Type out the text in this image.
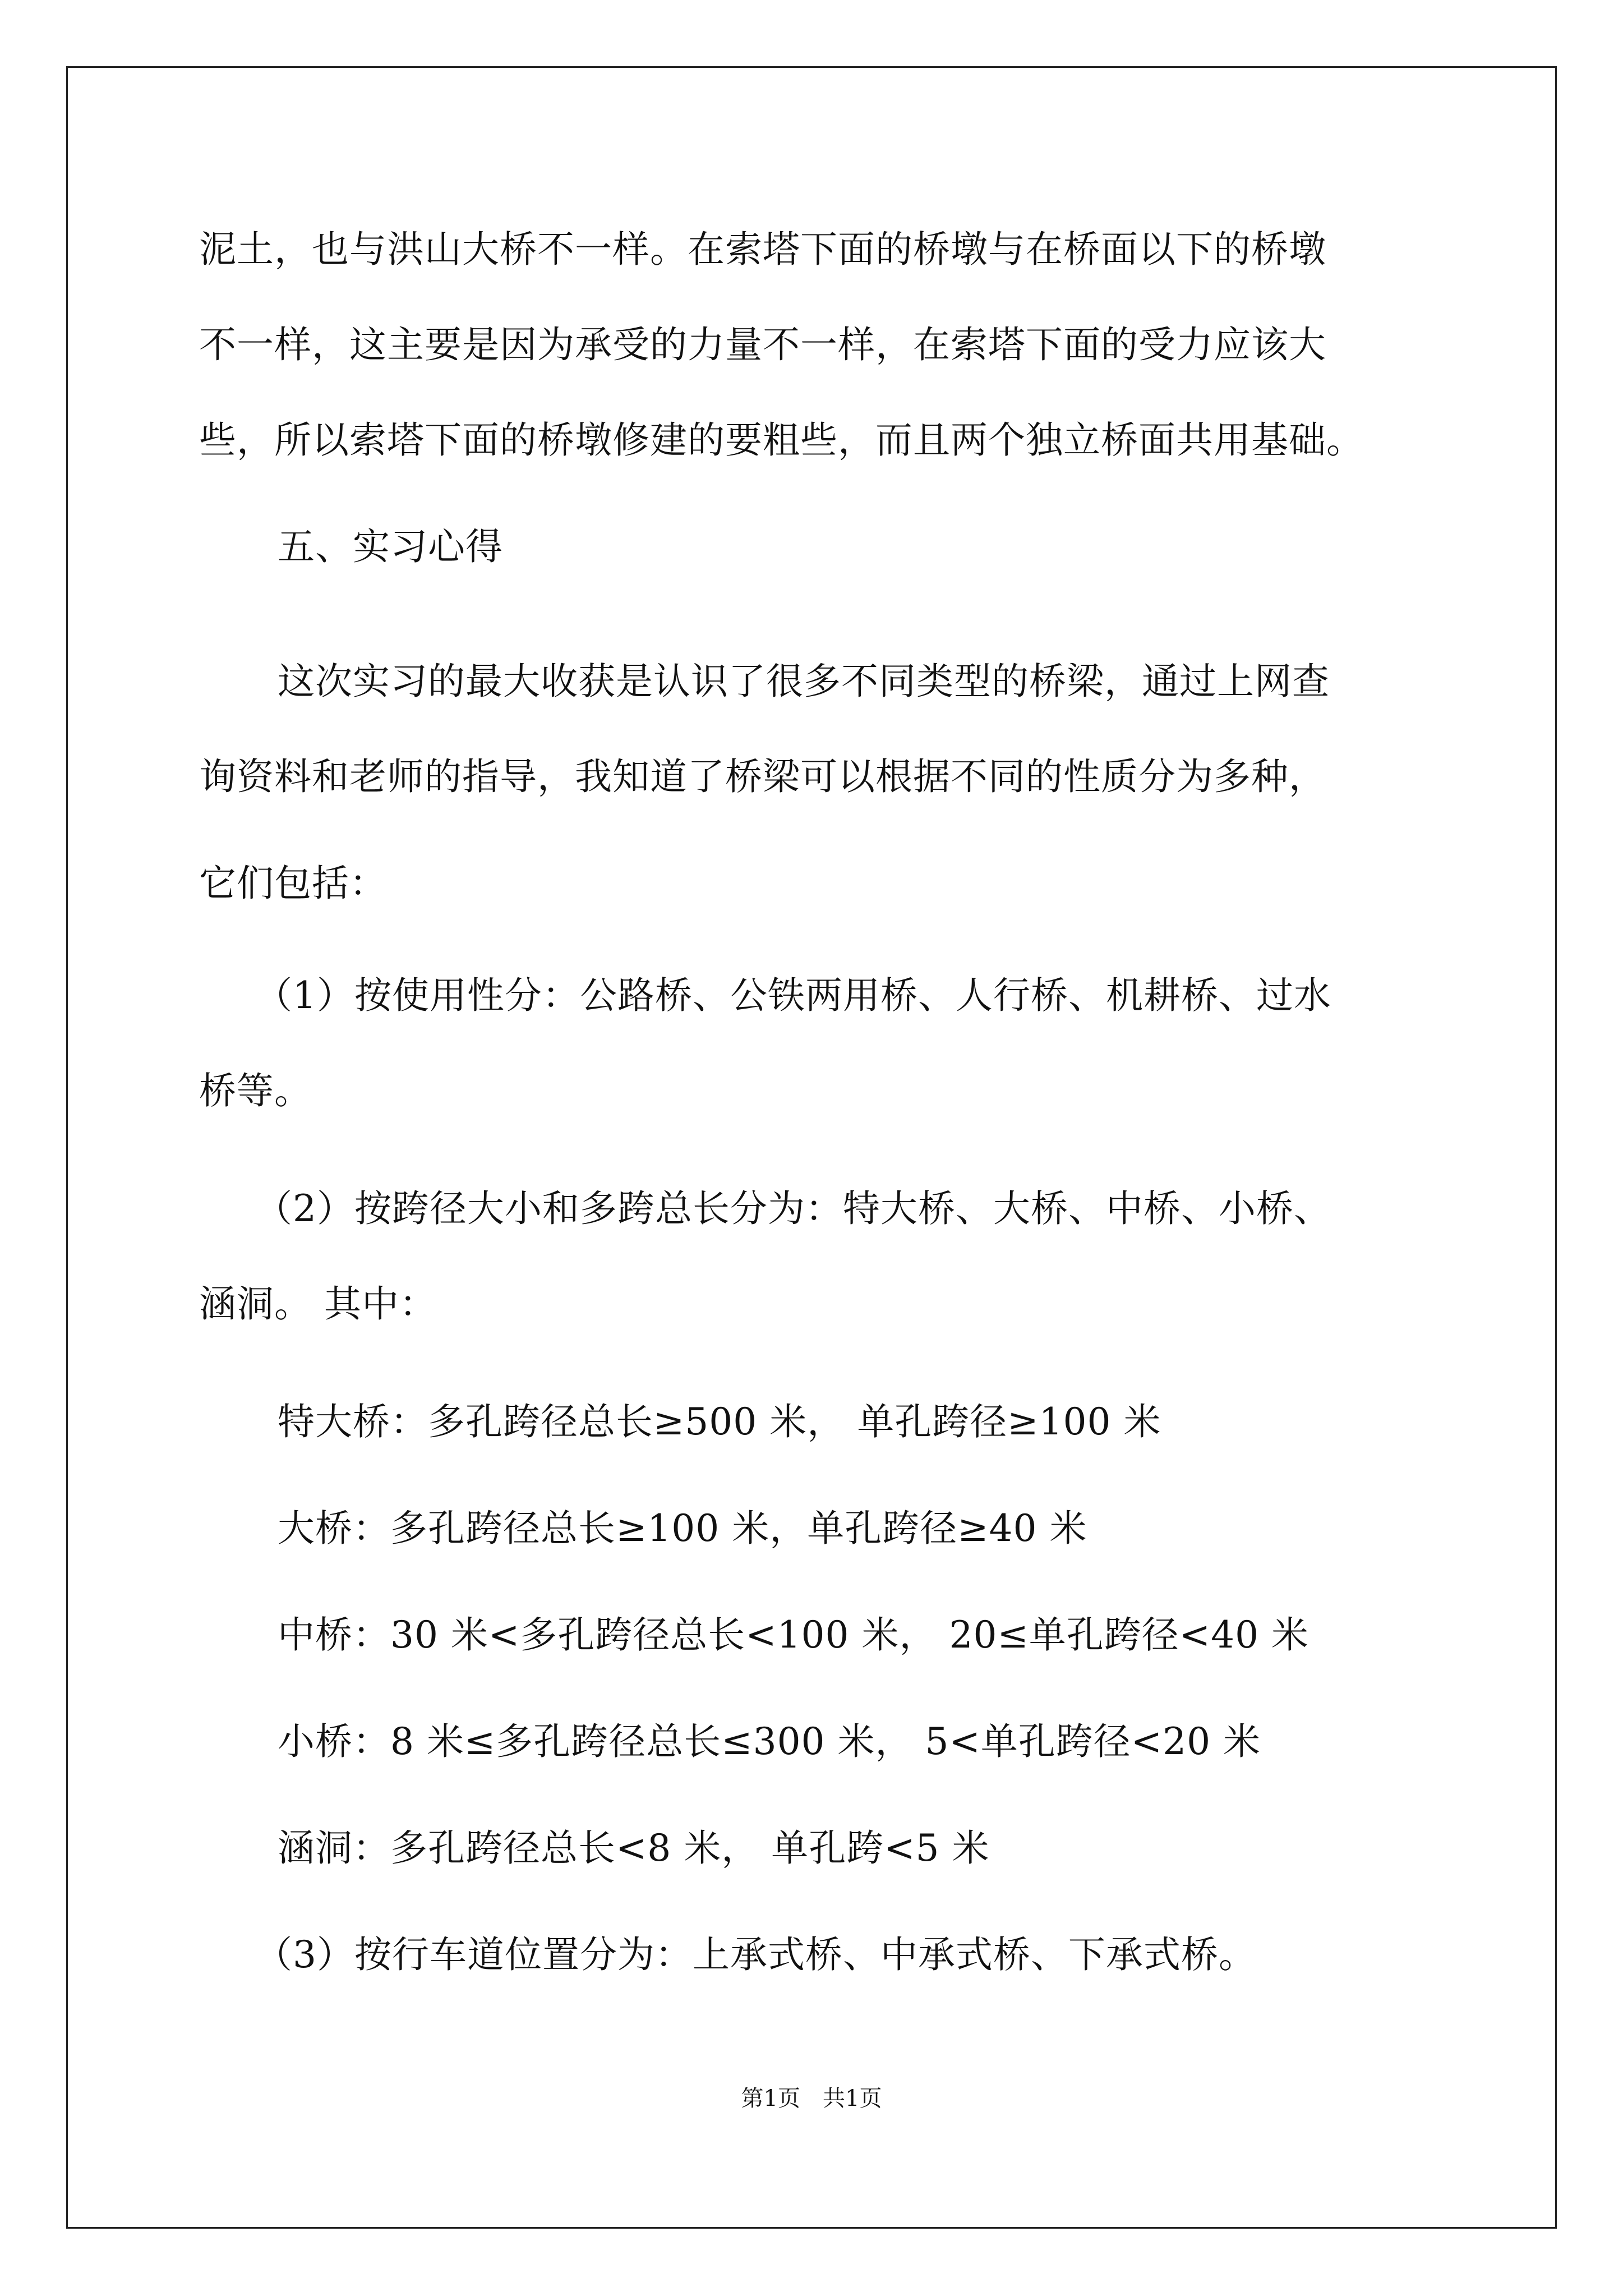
泥土，也与洪山大桥不一样。在索塔下面的桥墩与在桥面以下的桥墩
不一样，这主要是因为承受的力量不一样，在索塔下面的受力应该大
些，所以索塔下面的桥墩修建的要粗些，而且两个独立桥面共用基础。
五、实习心得
这次实习的最大收获是认识了很多不同类型的桥梁，通过上网查
询资料和老师的指导，我知道了桥梁可以根据不同的性质分为多种，
它们包括：
（1）按使用性分：公路桥、公铁两用桥、人行桥、机耕桥、过水
桥等。
（2）按跨径大小和多跨总长分为：特大桥、大桥、中桥、小桥、
涵洞。 其中：
特大桥：多孔跨径总长≥500 米， 单孔跨径≥100 米
大桥：多孔跨径总长≥100 米，单孔跨径≥40 米
中桥：30 米<多孔跨径总长<100 米， 20≤单孔跨径<40 米
小桥：8 米≤多孔跨径总长≤300 米， 5<单孔跨径<20 米
涵洞：多孔跨径总长<8 米， 单孔跨<5 米
（3）按行车道位置分为：上承式桥、中承式桥、下承式桥。
第1页　共1页
